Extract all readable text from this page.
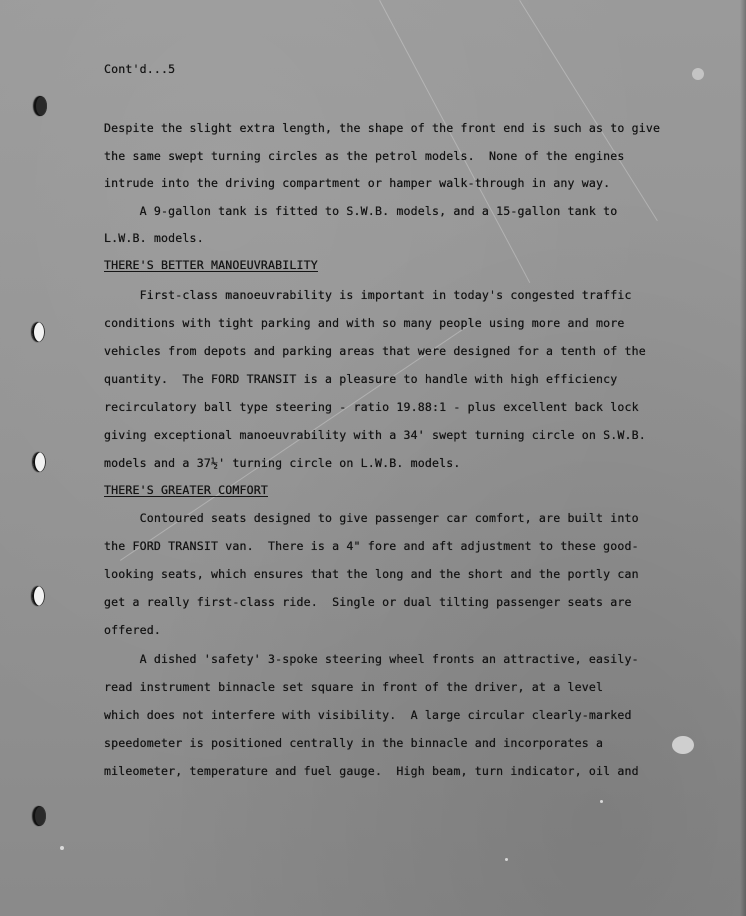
Cont'd...5

Despite the slight extra length, the shape of the front end is such as to give

the same swept turning circles as the petrol models.  None of the engines

intrude into the driving compartment or hamper walk-through in any way.

A 9-gallon tank is fitted to S.W.B. models, and a 15-gallon tank to

L.W.B. models.

THERE'S BETTER MANOEUVRABILITY

First-class manoeuvrability is important in today's congested traffic

conditions with tight parking and with so many people using more and more

vehicles from depots and parking areas that were designed for a tenth of the

quantity.  The FORD TRANSIT is a pleasure to handle with high efficiency

recirculatory ball type steering - ratio 19.88:1 - plus excellent back lock

giving exceptional manoeuvrability with a 34' swept turning circle on S.W.B.

models and a 37½' turning circle on L.W.B. models.

THERE'S GREATER COMFORT

Contoured seats designed to give passenger car comfort, are built into

the FORD TRANSIT van.  There is a 4" fore and aft adjustment to these good-

looking seats, which ensures that the long and the short and the portly can

get a really first-class ride.  Single or dual tilting passenger seats are

offered.

A dished 'safety' 3-spoke steering wheel fronts an attractive, easily-

read instrument binnacle set square in front of the driver, at a level

which does not interfere with visibility.  A large circular clearly-marked

speedometer is positioned centrally in the binnacle and incorporates a

mileometer, temperature and fuel gauge.  High beam, turn indicator, oil and
